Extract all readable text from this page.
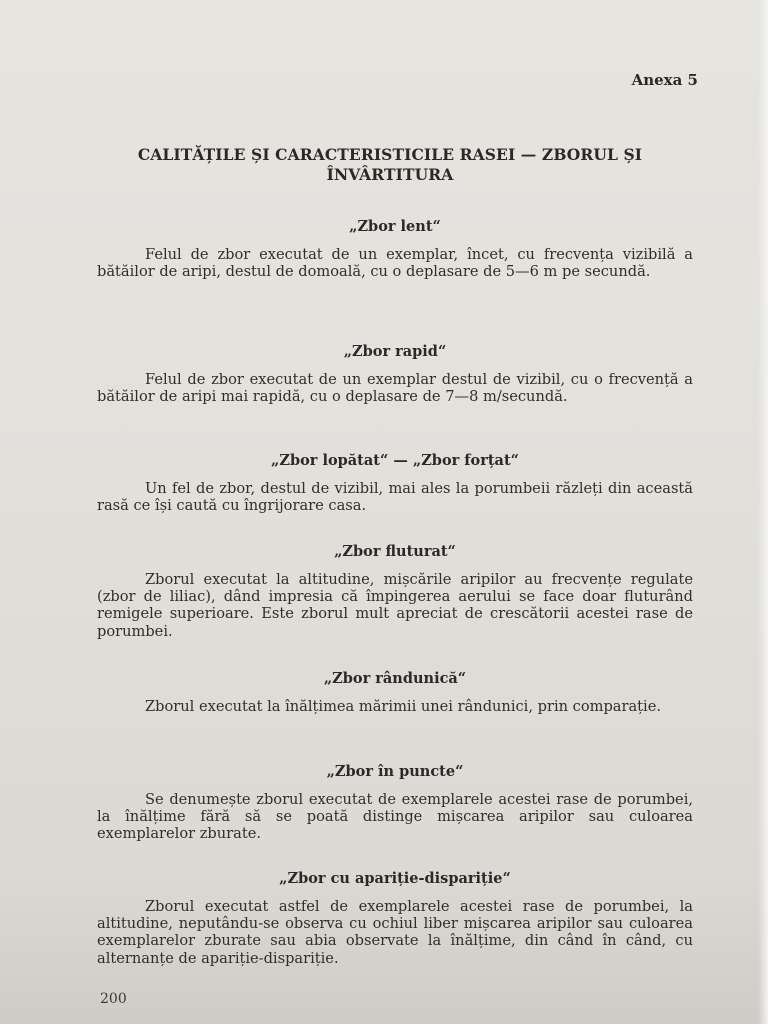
Anexa 5
CALITĂȚILE ȘI CARACTERISTICILE RASEI — ZBORUL ȘI
ÎNVÂRTITURA
„Zbor lent“

Felul de zbor executat de un exemplar, încet, cu frecvența vizibilă a bătăilor de aripi, destul de domoală, cu o deplasare de 5—6 m pe secundă.

„Zbor rapid“

Felul de zbor executat de un exemplar destul de vizibil, cu o frecvență a bătăilor de aripi mai rapidă, cu o deplasare de 7—8 m/secundă.

„Zbor lopătat“ — „Zbor forțat“

Un fel de zbor, destul de vizibil, mai ales la porumbeii răzleți din această rasă ce își caută cu îngrijorare casa.

„Zbor fluturat“

Zborul executat la altitudine, mișcările aripilor au frecvențe regulate (zbor de liliac), dând impresia că împingerea aerului se face doar fluturând remigele superioare. Este zborul mult apreciat de crescătorii acestei rase de porumbei.

„Zbor rândunică“

Zborul executat la înălțimea mărimii unei rândunici, prin comparație.

„Zbor în puncte“

Se denumește zborul executat de exemplarele acestei rase de porumbei, la înălțime fără să se poată distinge mișcarea aripilor sau culoarea exemplarelor zburate.

„Zbor cu apariție-dispariție“

Zborul executat astfel de exemplarele acestei rase de porumbei, la altitudine, neputându-se observa cu ochiul liber mișcarea aripilor sau culoarea exemplarelor zburate sau abia observate la înălțime, din când în când, cu alternanțe de apariție-dispariție.

200
